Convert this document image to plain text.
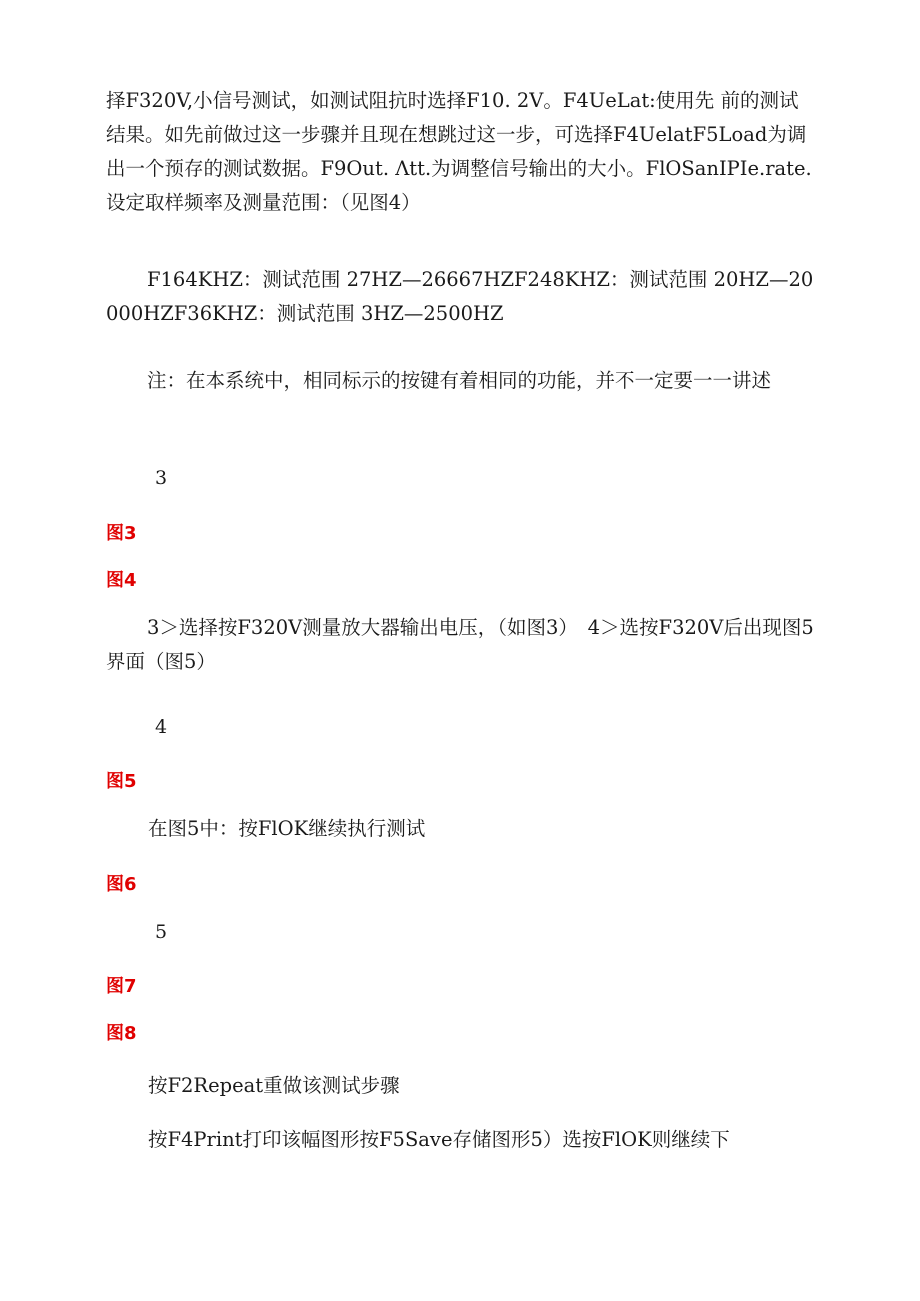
择F320V,小信号测试，如测试阻抗时选择F10. 2V。F4UeLat:使用先 前的测试结果。如先前做过这一步骤并且现在想跳过这一步，可选择F4UelatF5Load为调出一个预存的测试数据。F9Out. Λtt.为调整信号输出的大小。FlOSanIPIe.rate.设定取样频率及测量范围：（见图4）
F164KHZ：测试范围 27HZ—26667HZF248KHZ：测试范围 20HZ—20000HZF36KHZ：测试范围 3HZ—2500HZ
注：在本系统中，相同标示的按键有着相同的功能，并不一定要一一讲述
3
图3
图4
3＞选择按F320V测量放大器输出电压，（如图3）　4＞选按F320V后出现图5界面（图5）
4
图5
在图5中：按FlOK继续执行测试
图6
5
图7
图8
按F2Repeat重做该测试步骤
按F4Print打印该幅图形按F5Save存储图形5）选按FlOK则继续下
